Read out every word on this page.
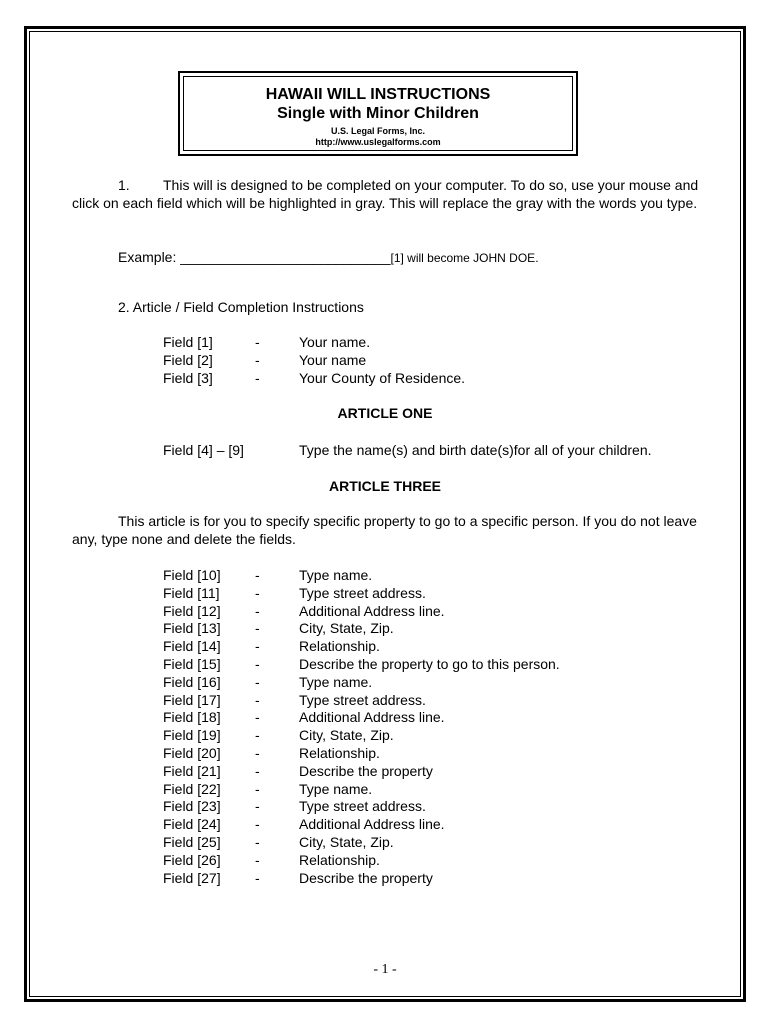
HAWAII WILL INSTRUCTIONS
Single with Minor Children
U.S. Legal Forms, Inc.
http://www.uslegalforms.com
1. This will is designed to be completed on your computer. To do so, use your mouse and click on each field which will be highlighted in gray. This will replace the gray with the words you type.
Example: ___________________________[1] will become JOHN DOE.
2. Article / Field Completion Instructions
Field [1]	-	Your name.
Field [2]	-	Your name
Field [3]	-	Your County of Residence.
ARTICLE ONE
Field [4] – [9]	Type the name(s) and birth date(s)for all of your children.
ARTICLE THREE
This article is for you to specify specific property to go to a specific person. If you do not leave any, type none and delete the fields.
Field [10] -	Type name.
Field [11]	-	Type street address.
Field [12] -	Additional Address line.
Field [13] -	City, State, Zip.
Field [14] -	Relationship.
Field [15] -	Describe the property to go to this person.
Field [16] -	Type name.
Field [17] -	Type street address.
Field [18] -	Additional Address line.
Field [19] -	City, State, Zip.
Field [20] -	Relationship.
Field [21] -	Describe the property
Field [22] -	Type name.
Field [23] -	Type street address.
Field [24] -	Additional Address line.
Field [25] -	City, State, Zip.
Field [26] -	Relationship.
Field [27] -	Describe the property
- 1 -
